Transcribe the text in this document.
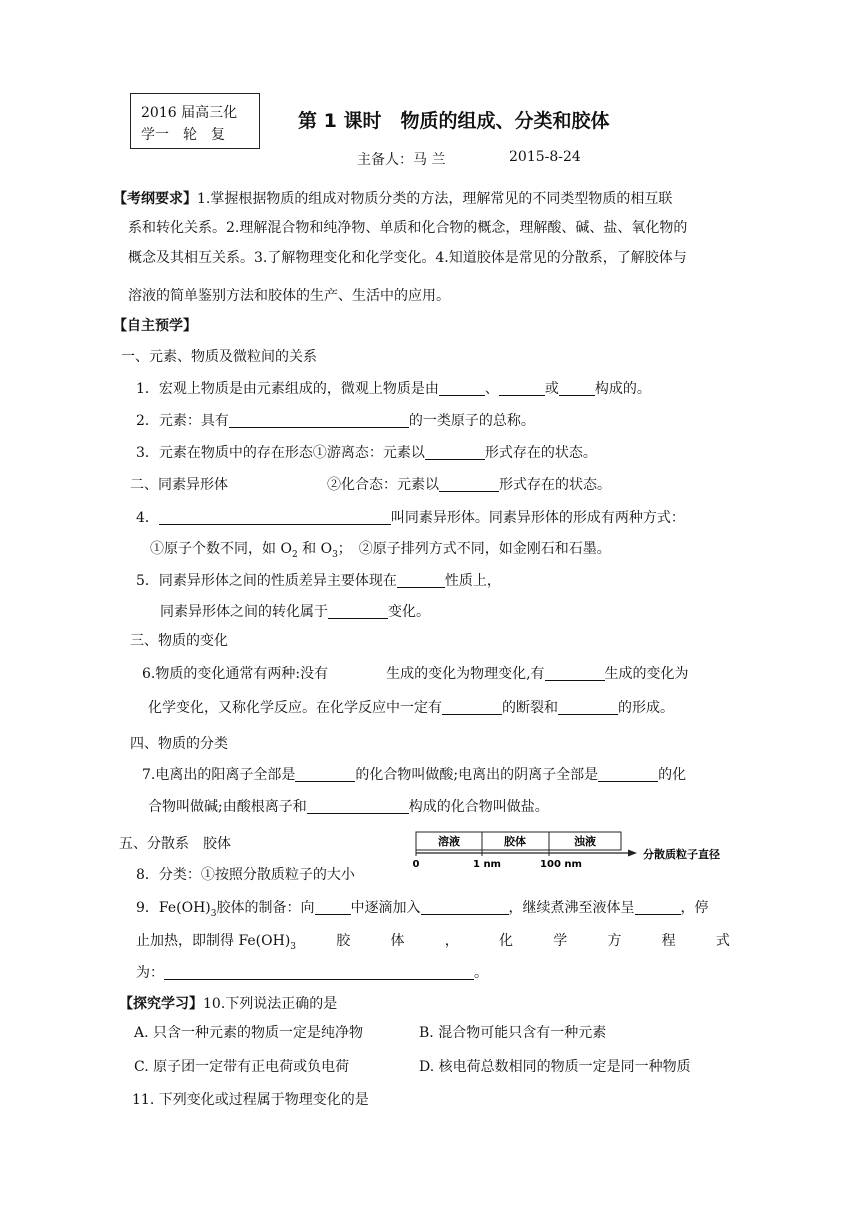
2016 届高三化
学一　轮　复
第 1 课时　物质的组成、分类和胶体
主备人：马 兰	2015-8-24
【考纲要求】1.掌握根据物质的组成对物质分类的方法，理解常见的不同类型物质的相互联
系和转化关系。2.理解混合物和纯净物、单质和化合物的概念，理解酸、碱、盐、氧化物的
概念及其相互关系。3.了解物理变化和化学变化。4.知道胶体是常见的分散系，了解胶体与
溶液的简单鉴别方法和胶体的生产、生活中的应用。
【自主预学】
一、元素、物质及微粒间的关系
1．宏观上物质是由元素组成的，微观上物质是由	、	或	构成的。
2．元素：具有	的一类原子的总称。
3．元素在物质中的存在形态①游离态：元素以	形式存在的状态。
二、同素异形体	②化合态：元素以	形式存在的状态。
4．	叫同素异形体。同素异形体的形成有两种方式：
①原子个数不同，如 $O_2$ 和 $O_3$；　②原子排列方式不同，如金刚石和石墨。
5．同素异形体之间的性质差异主要体现在	性质上，
同素异形体之间的转化属于	变化。
三、物质的变化
6.物质的变化通常有两种:没有	生成的变化为物理变化,有	生成的变化为
化学变化，又称化学反应。在化学反应中一定有	的断裂和	的形成。
四、物质的分类
7.电离出的阳离子全部是	的化合物叫做酸;电离出的阴离子全部是	的化
合物叫做碱;由酸根离子和	构成的化合物叫做盐。
五、分散系　胶体
8．分类：①按照分散质粒子的大小
溶液	胶体	浊液
0	1 nm	100 nm
分散质粒子直径
9．$Fe(OH)_3$胶体的制备：向	中逐滴加入	，继续煮沸至液体呈	，停
止加热，即制得 $Fe(OH)_3$	胶	体	，	化	学	方	程	式
为：	。
【探究学习】10.下列说法正确的是
A. 只含一种元素的物质一定是纯净物	B. 混合物可能只含有一种元素
C. 原子团一定带有正电荷或负电荷	D. 核电荷总数相同的物质一定是同一种物质
11. 下列变化或过程属于物理变化的是
